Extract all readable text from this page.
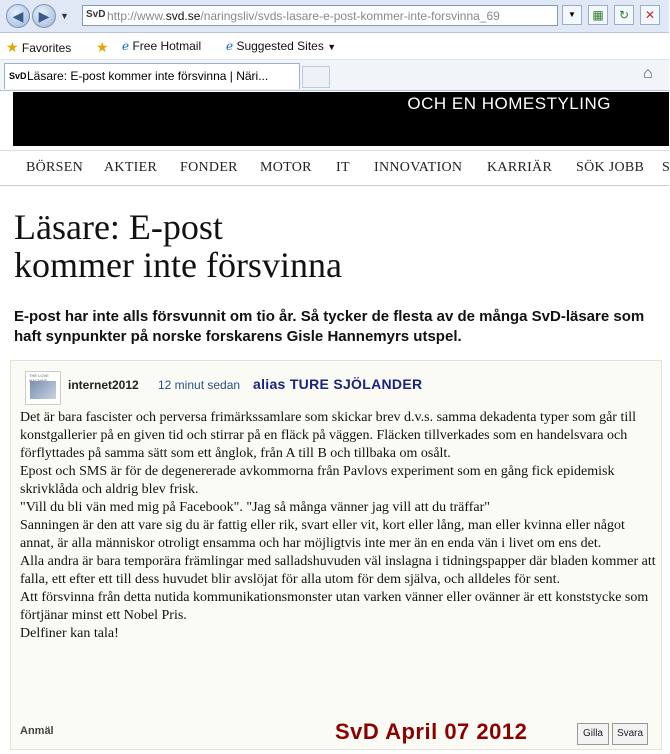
◀	▶	▼ SvD http://www.svd.se/naringsliv/svds-lasare-e-post-kommer-inte-forsvinna_69	▼	▦	↻	✕
★ Favorites ★ ℯ Free Hotmail ℯ Suggested Sites ▼
SvD Läsare: E-post kommer inte försvinna | Näri...	⌂
OCH EN HOMESTYLING
BÖRSEN AKTIER FONDER MOTOR IT INNOVATION KARRIÄR SÖK JOBB S
Läsare: E-post
kommer inte försvinna

E-post har inte alls försvunnit om tio år. Så tycker de flesta av de många SvD-läsare som haft synpunkter på norske forskarens Gisle Hannemyrs utspel.

THE LOVE
internet2012 12 minut sedan alias TURE SJÖLANDER

Det är bara fascister och perversa frimärkssamlare som skickar brev d.v.s. samma dekadenta typer som går till konstgallerier på en given tid och stirrar på en fläck på väggen. Fläcken tillverkades som en handelsvara och förflyttades på samma sätt som ett ånglok, från A till B och tillbaka om osålt.

Epost och SMS är för de degenererade avkommorna från Pavlovs experiment som en gång fick epidemisk skrivklåda och aldrig blev frisk.

"Vill du bli vän med mig på Facebook". "Jag så många vänner jag vill att du träffar"

Sanningen är den att vare sig du är fattig eller rik, svart eller vit, kort eller lång, man eller kvinna eller något annat, är alla människor otroligt ensamma och har möjligtvis inte mer än en enda vän i livet om ens det.

Alla andra är bara temporära främlingar med salladshuvuden väl inslagna i tidningspapper där bladen kommer att falla, ett efter ett till dess huvudet blir avslöjat för alla utom för dem själva, och alldeles för sent.

Att försvinna från detta nutida kommunikationsmonster utan varken vänner eller ovänner är ett konststycke som förtjänar minst ett Nobel Pris.

Delfiner kan tala!

Anmäl	SvD April 07 2012	Gilla	Svara
